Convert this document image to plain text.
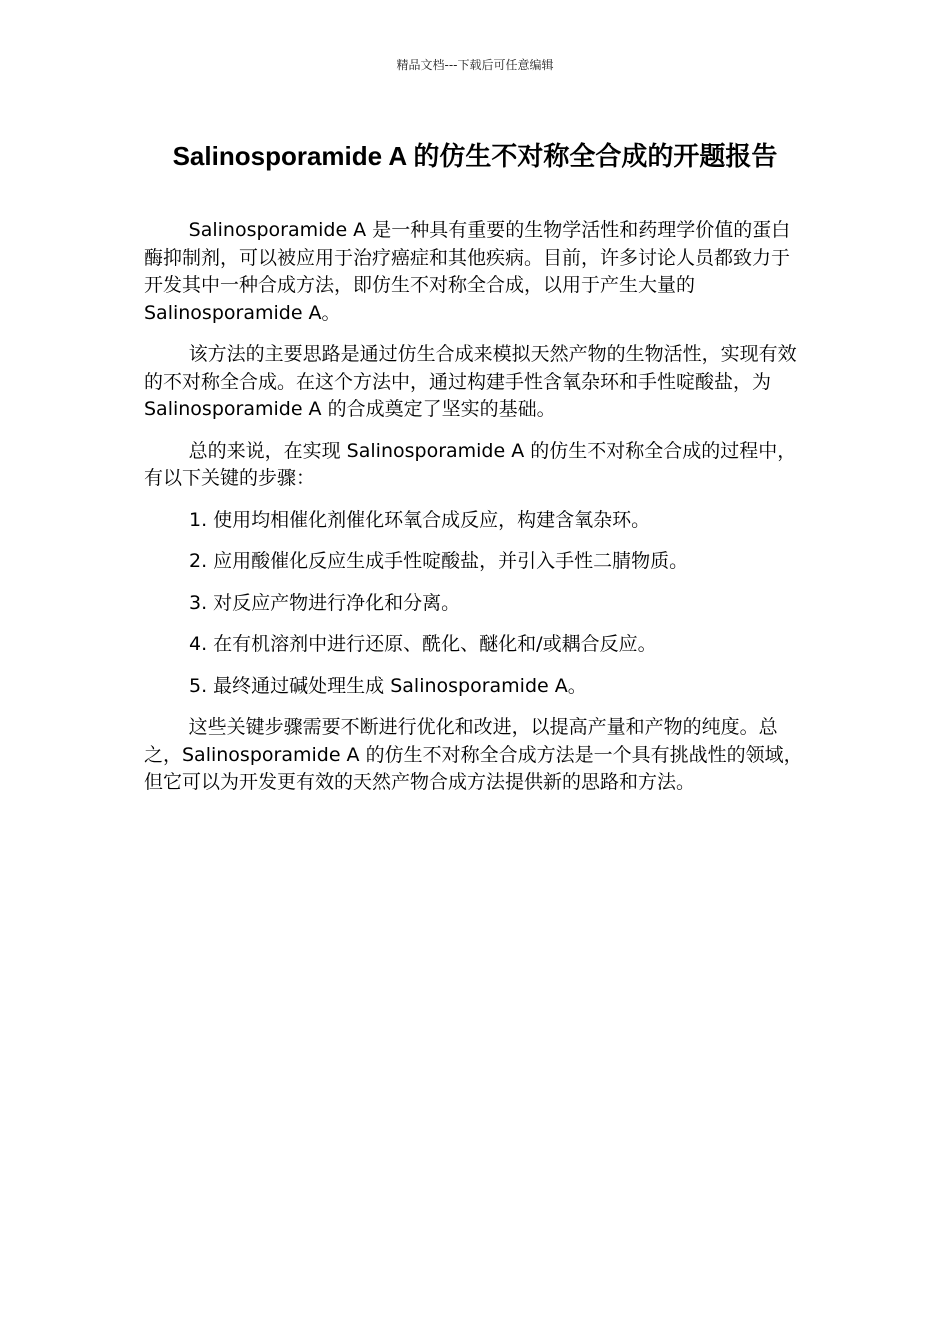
精品文档---下载后可任意编辑
Salinosporamide A 的仿生不对称全合成的开题报告

Salinosporamide A 是一种具有重要的生物学活性和药理学价值的蛋白酶抑制剂，可以被应用于治疗癌症和其他疾病。目前，许多讨论人员都致力于开发其中一种合成方法，即仿生不对称全合成，以用于产生大量的 Salinosporamide A。

该方法的主要思路是通过仿生合成来模拟天然产物的生物活性，实现有效的不对称全合成。在这个方法中，通过构建手性含氧杂环和手性啶酸盐，为 Salinosporamide A 的合成奠定了坚实的基础。

总的来说，在实现 Salinosporamide A 的仿生不对称全合成的过程中，有以下关键的步骤：

1. 使用均相催化剂催化环氧合成反应，构建含氧杂环。
2. 应用酸催化反应生成手性啶酸盐，并引入手性二腈物质。
3. 对反应产物进行净化和分离。
4. 在有机溶剂中进行还原、酰化、醚化和/或耦合反应。
5. 最终通过碱处理生成 Salinosporamide A。

这些关键步骤需要不断进行优化和改进，以提高产量和产物的纯度。总之，Salinosporamide A 的仿生不对称全合成方法是一个具有挑战性的领域，但它可以为开发更有效的天然产物合成方法提供新的思路和方法。
